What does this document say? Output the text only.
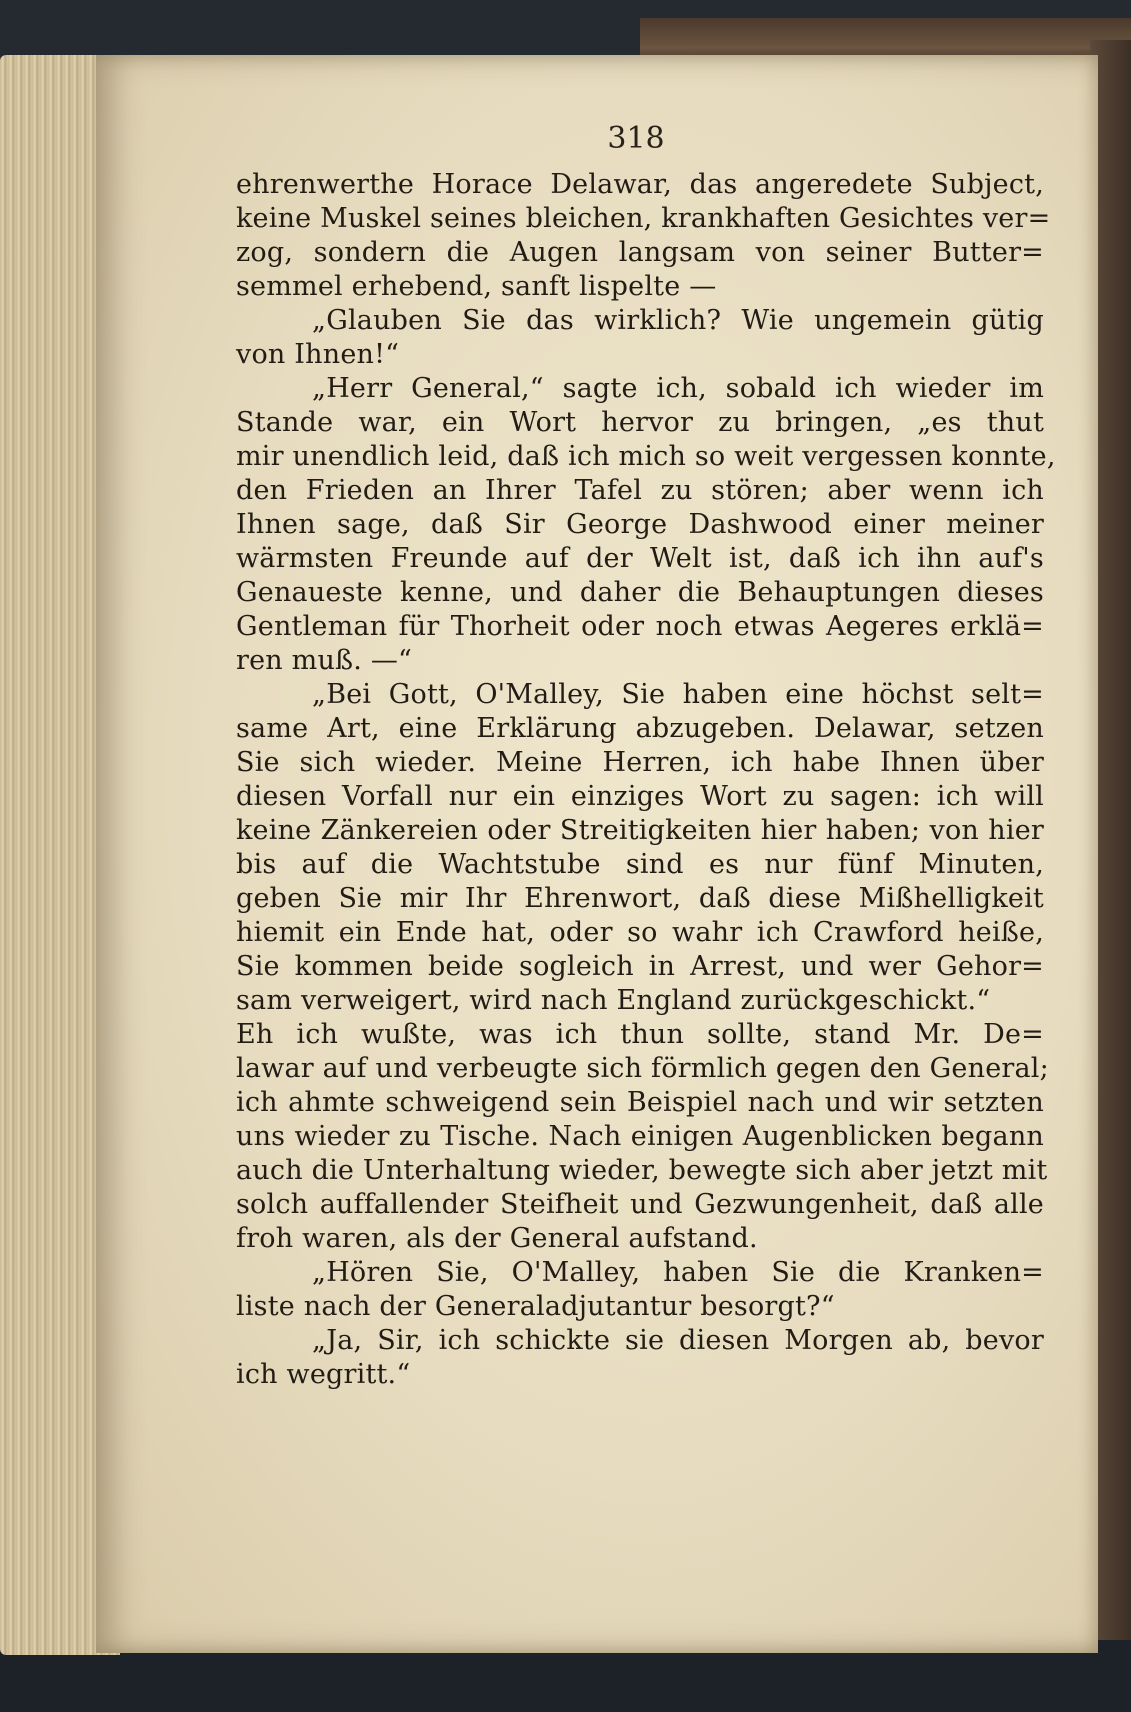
318
ehrenwerthe Horace Delawar, das angeredete Subject,
keine Muskel seines bleichen, krankhaften Gesichtes ver=
zog, sondern die Augen langsam von seiner Butter=
semmel erhebend, sanft lispelte —
„Glauben Sie das wirklich? Wie ungemein gütig
von Ihnen!“
„Herr General,“ sagte ich, sobald ich wieder im
Stande war, ein Wort hervor zu bringen, „es thut
mir unendlich leid, daß ich mich so weit vergessen konnte,
den Frieden an Ihrer Tafel zu stören; aber wenn ich
Ihnen sage, daß Sir George Dashwood einer meiner
wärmsten Freunde auf der Welt ist, daß ich ihn auf's
Genaueste kenne, und daher die Behauptungen dieses
Gentleman für Thorheit oder noch etwas Aegeres erklä=
ren muß. —“
„Bei Gott, O'Malley, Sie haben eine höchst selt=
same Art, eine Erklärung abzugeben. Delawar, setzen
Sie sich wieder. Meine Herren, ich habe Ihnen über
diesen Vorfall nur ein einziges Wort zu sagen: ich will
keine Zänkereien oder Streitigkeiten hier haben; von hier
bis auf die Wachtstube sind es nur fünf Minuten,
geben Sie mir Ihr Ehrenwort, daß diese Mißhelligkeit
hiemit ein Ende hat, oder so wahr ich Crawford heiße,
Sie kommen beide sogleich in Arrest, und wer Gehor=
sam verweigert, wird nach England zurückgeschickt.“
Eh ich wußte, was ich thun sollte, stand Mr. De=
lawar auf und verbeugte sich förmlich gegen den General;
ich ahmte schweigend sein Beispiel nach und wir setzten
uns wieder zu Tische. Nach einigen Augenblicken begann
auch die Unterhaltung wieder, bewegte sich aber jetzt mit
solch auffallender Steifheit und Gezwungenheit, daß alle
froh waren, als der General aufstand.
„Hören Sie, O'Malley, haben Sie die Kranken=
liste nach der Generaladjutantur besorgt?“
„Ja, Sir, ich schickte sie diesen Morgen ab, bevor
ich wegritt.“
